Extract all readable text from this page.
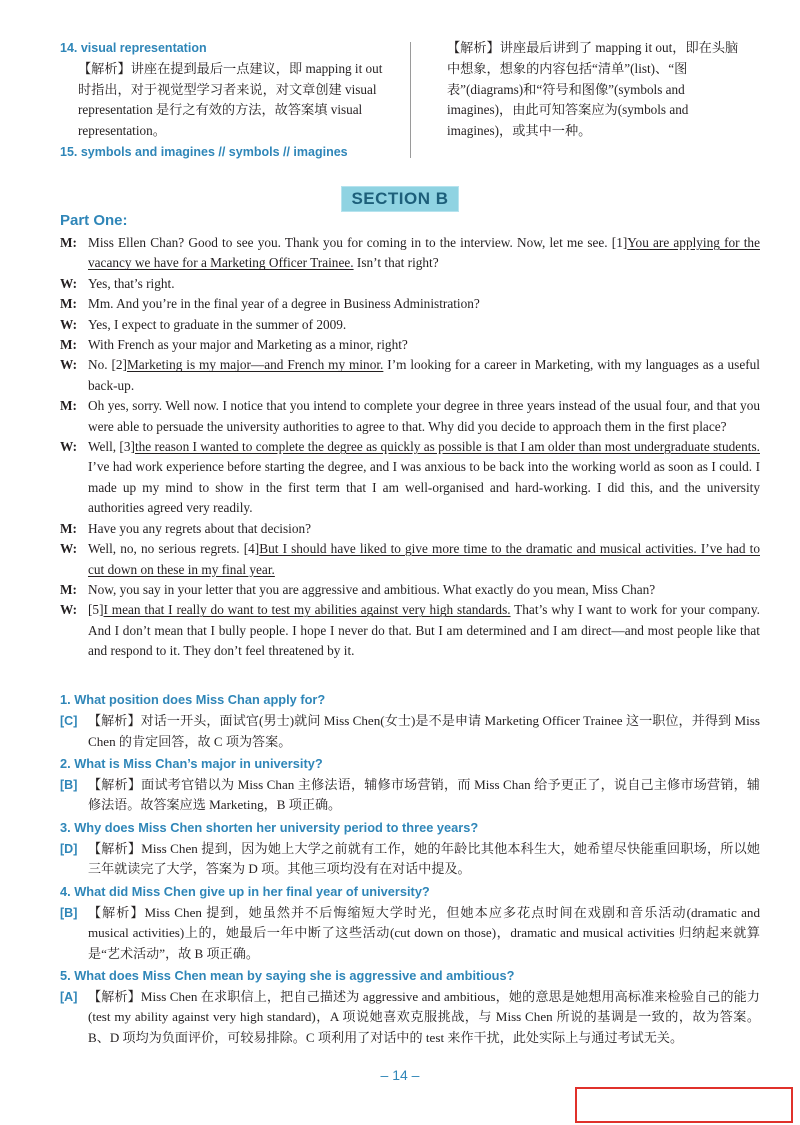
14. visual representation
【解析】讲座在提到最后一点建议，即 mapping it out 时指出，对于视觉型学习者来说，对文章创建 visual representation 是行之有效的方法，故答案填 visual representation。
15. symbols and imagines // symbols // imagines
【解析】讲座最后讲到了 mapping it out，即在头脑中想象，想象的内容包括“清单”(list)、“图表”(diagrams)和“符号和图像”(symbols and imagines)，由此可知答案应为(symbols and imagines)，或其中一种。
SECTION B
Part One:
M: Miss Ellen Chan? Good to see you. Thank you for coming in to the interview. Now, let me see. [1]You are applying for the vacancy we have for a Marketing Officer Trainee. Isn’t that right?
W: Yes, that’s right.
M: Mm. And you’re in the final year of a degree in Business Administration?
W: Yes, I expect to graduate in the summer of 2009.
M: With French as your major and Marketing as a minor, right?
W: No. [2]Marketing is my major—and French my minor. I’m looking for a career in Marketing, with my languages as a useful back-up.
M: Oh yes, sorry. Well now. I notice that you intend to complete your degree in three years instead of the usual four, and that you were able to persuade the university authorities to agree to that. Why did you decide to approach them in the first place?
W: Well, [3]the reason I wanted to complete the degree as quickly as possible is that I am older than most undergraduate students. I’ve had work experience before starting the degree, and I was anxious to be back into the working world as soon as I could. I made up my mind to show in the first term that I am well-organised and hard-working. I did this, and the university authorities agreed very readily.
M: Have you any regrets about that decision?
W: Well, no, no serious regrets. [4]But I should have liked to give more time to the dramatic and musical activities. I’ve had to cut down on these in my final year.
M: Now, you say in your letter that you are aggressive and ambitious. What exactly do you mean, Miss Chan?
W: [5]I mean that I really do want to test my abilities against very high standards. That’s why I want to work for your company. And I don’t mean that I bully people. I hope I never do that. But I am determined and I am direct—and most people like that and respond to it. They don’t feel threatened by it.
1. What position does Miss Chan apply for?
[C] 【解析】对话一开头，面试官(男士)就问 Miss Chen(女士)是不是申请 Marketing Officer Trainee 这一职位，并得到 Miss Chen 的肯定回答，故 C 项为答案。
2. What is Miss Chan’s major in university?
[B] 【解析】面试考官错以为 Miss Chan 主修法语，辅修市场营销，而 Miss Chan 给予更正了，说自己主修市场营销，辅修法语。故答案应选 Marketing，B 项正确。
3. Why does Miss Chen shorten her university period to three years?
[D] 【解析】Miss Chen 提到，因为她上大学之前就有工作，她的年龄比其他本科生大，她希望尽快能重回职场，所以她三年就读完了大学，答案为 D 项。其他三项均没有在对话中提及。
4. What did Miss Chen give up in her final year of university?
[B] 【解析】Miss Chen 提到，她虽然并不后悔缩短大学时光，但她本应多花点时间在戏剧和音乐活动(dramatic and musical activities)上的，她最后一年中断了这些活动(cut down on those)，dramatic and musical activities 归纳起来就算是“艺术活动”，故 B 项正确。
5. What does Miss Chen mean by saying she is aggressive and ambitious?
[A] 【解析】Miss Chen 在求职信上，把自己描述为 aggressive and ambitious，她的意思是她想用高标准来检验自己的能力(test my ability against very high standard)，A 项说她喜欢克服挑战，与 Miss Chen 所说的基调是一致的，故为答案。B、D 项均为负面评价，可较易排除。C 项利用了对话中的 test 来作干扰，此处实际上与通过考试无关。
– 14 –
